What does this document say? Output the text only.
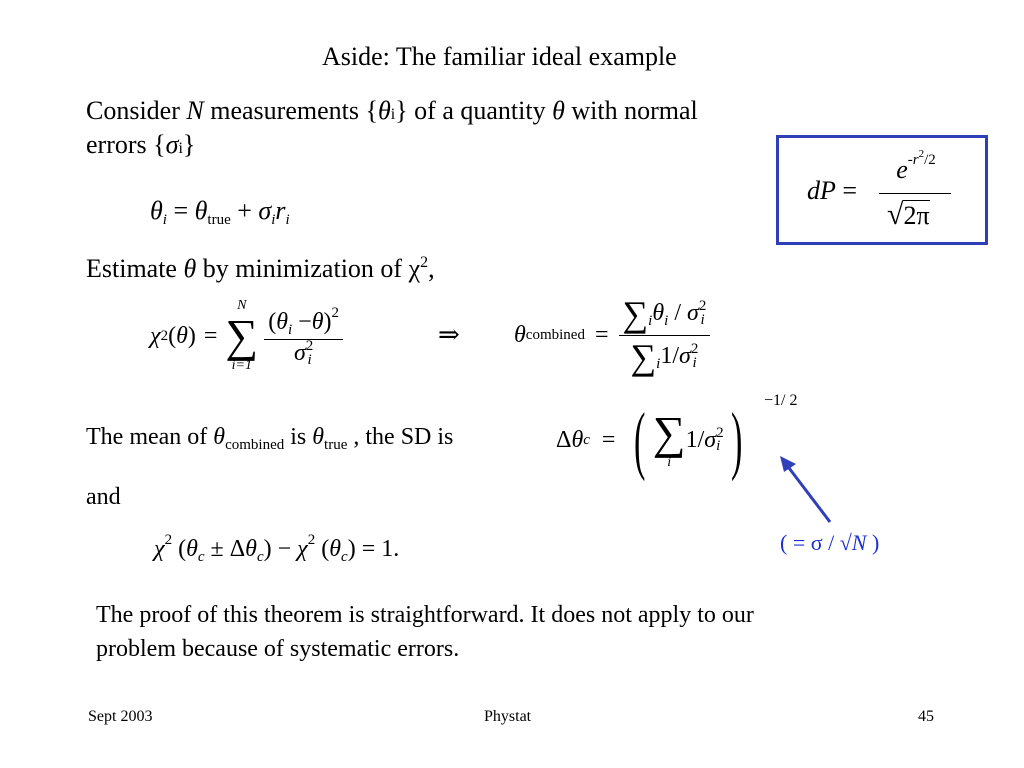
Aside: The familiar ideal example
Consider N measurements {θi} of a quantity θ with normal
errors {σi}
$\theta_i = \theta_{true} + \sigma_ir_i$
dP =
$e-r^2/2$
√2π
Estimate θ by minimization of $\chi^2$,
χ 2 ( θ ) =
N
∑
i=1 $(\theta_i -\theta)^2$
σ 2
i	⇒ θ combined = $\sum_i\theta_i$ / σ 2
i
$\sum_i1/\sigma$ 2
i
The mean of $\theta_{combined}$ is $\theta_{true}$ , the SD is	Δ θ c = ( ∑
i
1/ σ 2
i ) −1/ 2
( = σ / √N )
and
$\chi^2$ $(\theta_c \pm \Delta\theta_c) - \chi^2$ $(\theta_c) = 1$.
The proof of this theorem is straightforward. It does not apply to our
problem because of systematic errors.
Sept 2003	Phystat	45
